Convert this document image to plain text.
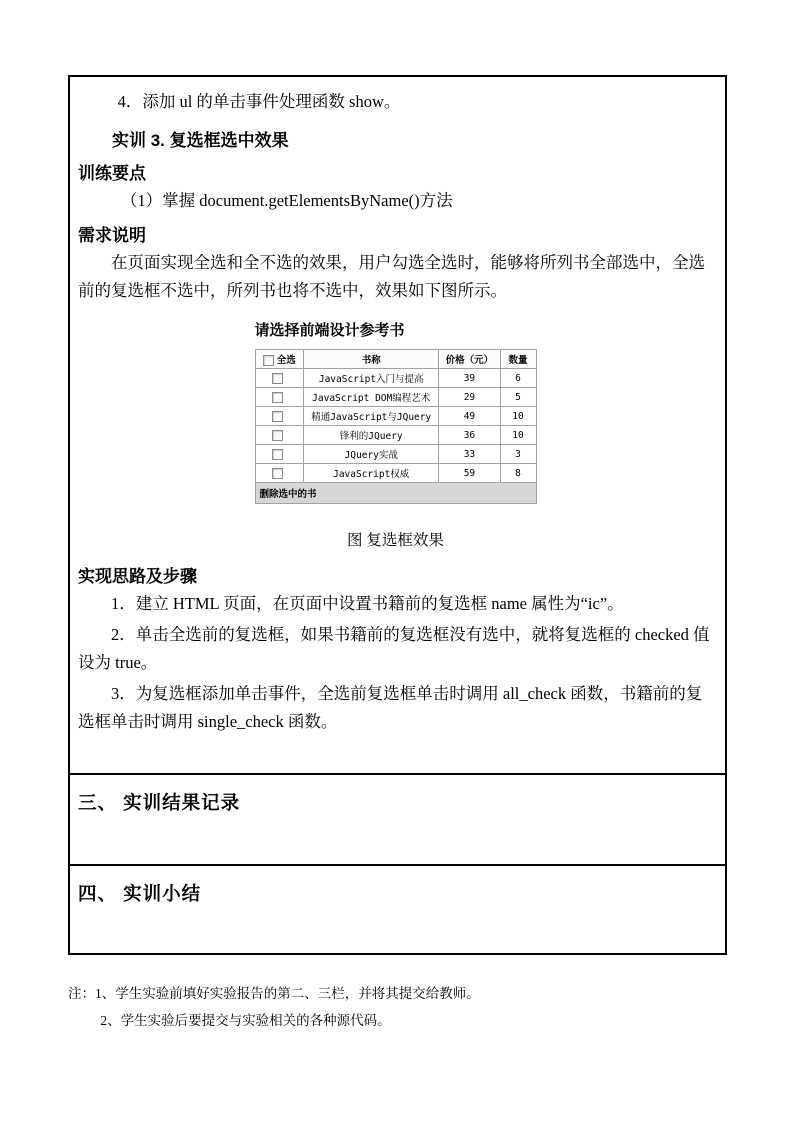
4．添加 ul 的单击事件处理函数 show。

实训 3. 复选框选中效果

训练要点

（1）掌握 document.getElementsByName()方法

需求说明

在页面实现全选和全不选的效果，用户勾选全选时，能够将所列书全部选中，全选前的复选框不选中，所列书也将不选中，效果如下图所示。

请选择前端设计参考书
全选	书称	价格（元）	数量
	JavaScript入门与提高	39	6
	JavaScript DOM编程艺术	29	5
	精通JavaScript与JQuery	49	10
	锋利的JQuery	36	10
	JQuery实战	33	3
	JavaScript权威	59	8
删除选中的书			

图 复选框效果

实现思路及步骤

1．建立 HTML 页面，在页面中设置书籍前的复选框 name 属性为“ic”。

2．单击全选前的复选框，如果书籍前的复选框没有选中，就将复选框的 checked 值设为 true。

3．为复选框添加单击事件，全选前复选框单击时调用 all_check 函数，书籍前的复选框单击时调用 single_check 函数。

三、 实训结果记录
四、 实训小结

注：1、学生实验前填好实验报告的第二、三栏，并将其提交给教师。

2、学生实验后要提交与实验相关的各种源代码。
